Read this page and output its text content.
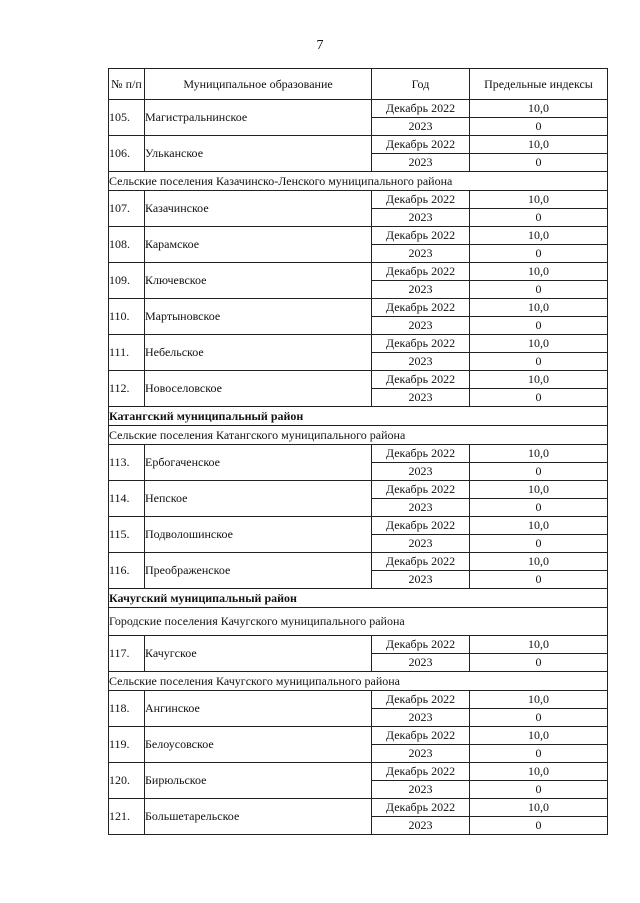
7
№ п/п	Муниципальное образование	Год	Предельные индексы
105.	Магистральнинское	Декабрь 2022	10,0
		2023	0
106.	Ульканское	Декабрь 2022	10,0
		2023	0
Сельские поселения Казачинско-Ленского муниципального района			
107.	Казачинское	Декабрь 2022	10,0
		2023	0
108.	Карамское	Декабрь 2022	10,0
		2023	0
109.	Ключевское	Декабрь 2022	10,0
		2023	0
110.	Мартыновское	Декабрь 2022	10,0
		2023	0
111.	Небельское	Декабрь 2022	10,0
		2023	0
112.	Новоселовское	Декабрь 2022	10,0
		2023	0
Катангский муниципальный район			
Сельские поселения Катангского муниципального района			
113.	Ербогаченское	Декабрь 2022	10,0
		2023	0
114.	Непское	Декабрь 2022	10,0
		2023	0
115.	Подволошинское	Декабрь 2022	10,0
		2023	0
116.	Преображенское	Декабрь 2022	10,0
		2023	0
Качугский муниципальный район			
Городские поселения Качугского муниципального района			
117.	Качугское	Декабрь 2022	10,0
		2023	0
Сельские поселения Качугского муниципального района			
118.	Ангинское	Декабрь 2022	10,0
		2023	0
119.	Белоусовское	Декабрь 2022	10,0
		2023	0
120.	Бирюльское	Декабрь 2022	10,0
		2023	0
121.	Большетарельское	Декабрь 2022	10,0
		2023	0
